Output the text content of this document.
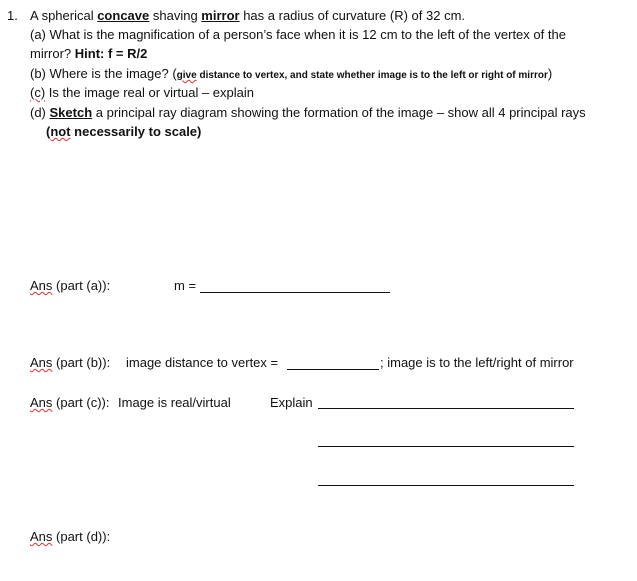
1. A spherical concave shaving mirror has a radius of curvature (R) of 32 cm.
(a) What is the magnification of a person’s face when it is 12 cm to the left of the vertex of the
mirror? Hint: f = R/2
(b) Where is the image? (give distance to vertex, and state whether image is to the left or right of mirror)
(c) Is the image real or virtual – explain
(d) Sketch a principal ray diagram showing the formation of the image – show all 4 principal rays
(not necessarily to scale)
Ans (part (a)):	m =
Ans (part (b)): image distance to vertex =	; image is to the left/right of mirror
Ans (part (c)): Image is real/virtual	Explain
Ans (part (d)):
